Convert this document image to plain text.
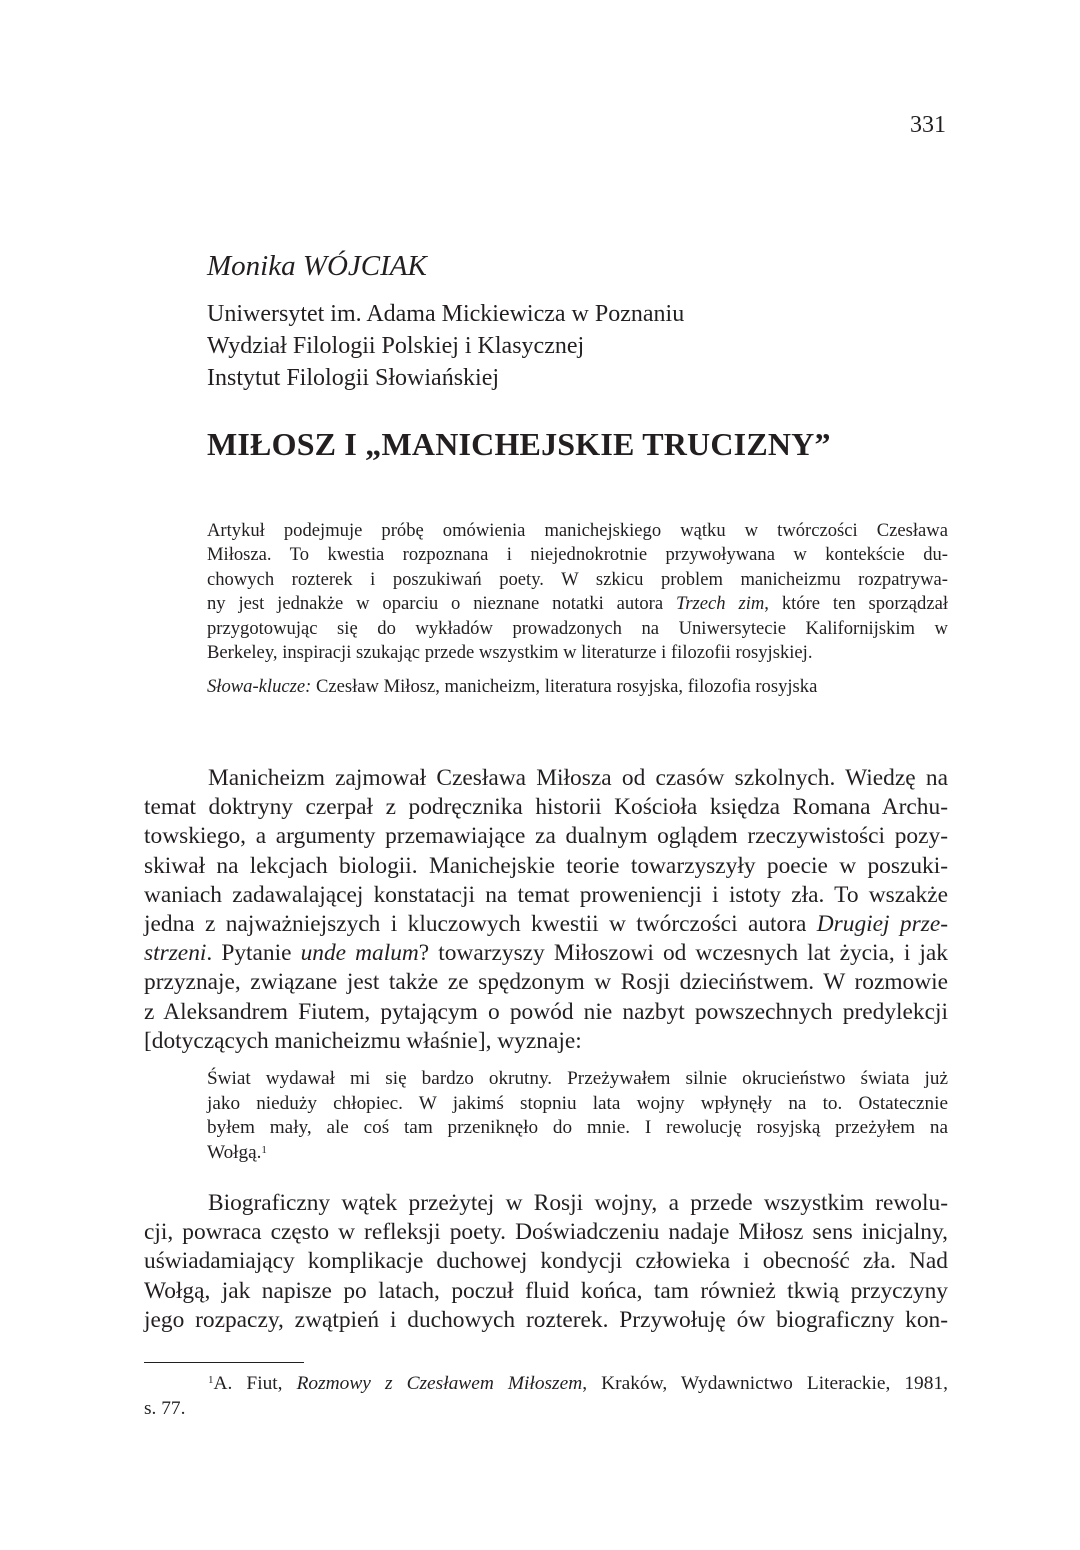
331
Monika WÓJCIAK
Uniwersytet im. Adama Mickiewicza w Poznaniu
Wydział Filologii Polskiej i Klasycznej
Instytut Filologii Słowiańskiej
MIŁOSZ I „MANICHEJSKIE TRUCIZNY”

Artykuł podejmuje próbę omówienia manichejskiego wątku w twórczości Czesława
Miłosza. To kwestia rozpoznana i niejednokrotnie przywoływana w kontekście du-
chowych rozterek i poszukiwań poety. W szkicu problem manicheizmu rozpatrywa-
ny jest jednakże w oparciu o nieznane notatki autora Trzech zim, które ten sporządzał
przygotowując się do wykładów prowadzonych na Uniwersytecie Kalifornijskim w
Berkeley, inspiracji szukając przede wszystkim w literaturze i filozofii rosyjskiej.

Słowa-klucze: Czesław Miłosz, manicheizm, literatura rosyjska, filozofia rosyjska

Manicheizm zajmował Czesława Miłosza od czasów szkolnych. Wiedzę na
temat doktryny czerpał z podręcznika historii Kościoła księdza Romana Archu-
towskiego, a argumenty przemawiające za dualnym oglądem rzeczywistości pozy-
skiwał na lekcjach biologii. Manichejskie teorie towarzyszyły poecie w poszuki-
waniach zadawalającej konstatacji na temat proweniencji i istoty zła. To wszakże
jedna z najważniejszych i kluczowych kwestii w twórczości autora Drugiej prze-
strzeni. Pytanie unde malum? towarzyszy Miłoszowi od wczesnych lat życia, i jak
przyznaje, związane jest także ze spędzonym w Rosji dzieciństwem. W rozmowie
z Aleksandrem Fiutem, pytającym o powód nie nazbyt powszechnych predylekcji
[dotyczących manicheizmu właśnie], wyznaje:
Świat wydawał mi się bardzo okrutny. Przeżywałem silnie okrucieństwo świata już
jako nieduży chłopiec. W jakimś stopniu lata wojny wpłynęły na to. Ostatecznie
byłem mały, ale coś tam przeniknęło do mnie. I rewolucję rosyjską przeżyłem na
Wołgą.$^1$
Biograficzny wątek przeżytej w Rosji wojny, a przede wszystkim rewolu-
cji, powraca często w refleksji poety. Doświadczeniu nadaje Miłosz sens inicjalny,
uświadamiający komplikacje duchowej kondycji człowieka i obecność zła. Nad
Wołgą, jak napisze po latach, poczuł fluid końca, tam również tkwią przyczyny
jego rozpaczy, zwątpień i duchowych rozterek. Przywołuję ów biograficzny kon-
$^1$A. Fiut, Rozmowy z Czesławem Miłoszem, Kraków, Wydawnictwo Literackie, 1981,
s. 77.
